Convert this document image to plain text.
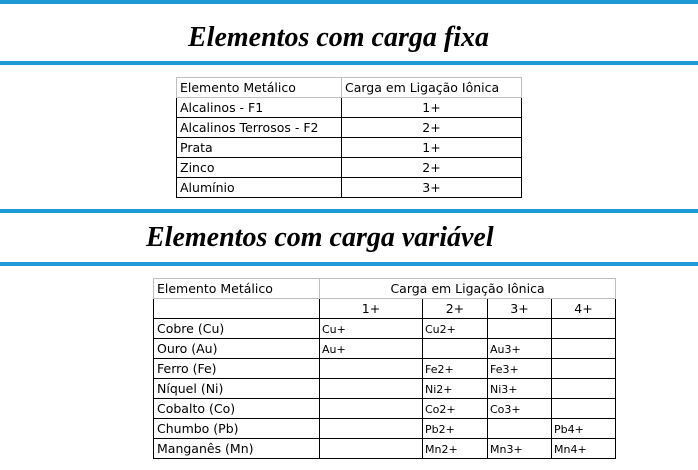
Elementos com carga fixa
Elemento Metálico	Carga em Ligação Iônica
Alcalinos - F1	1+
Alcalinos Terrosos - F2	2+
Prata	1+
Zinco	2+
Alumínio	3+
Elementos com carga variável
Elemento Metálico	Carga em Ligação Iônica			
	1+	2+	3+	4+
Cobre (Cu)	Cu+	Cu2+		
Ouro (Au)	Au+		Au3+	
Ferro (Fe)		Fe2+	Fe3+	
Níquel (Ni)		Ni2+	Ni3+	
Cobalto (Co)		Co2+	Co3+	
Chumbo (Pb)		Pb2+		Pb4+
Manganês (Mn)		Mn2+	Mn3+	Mn4+
